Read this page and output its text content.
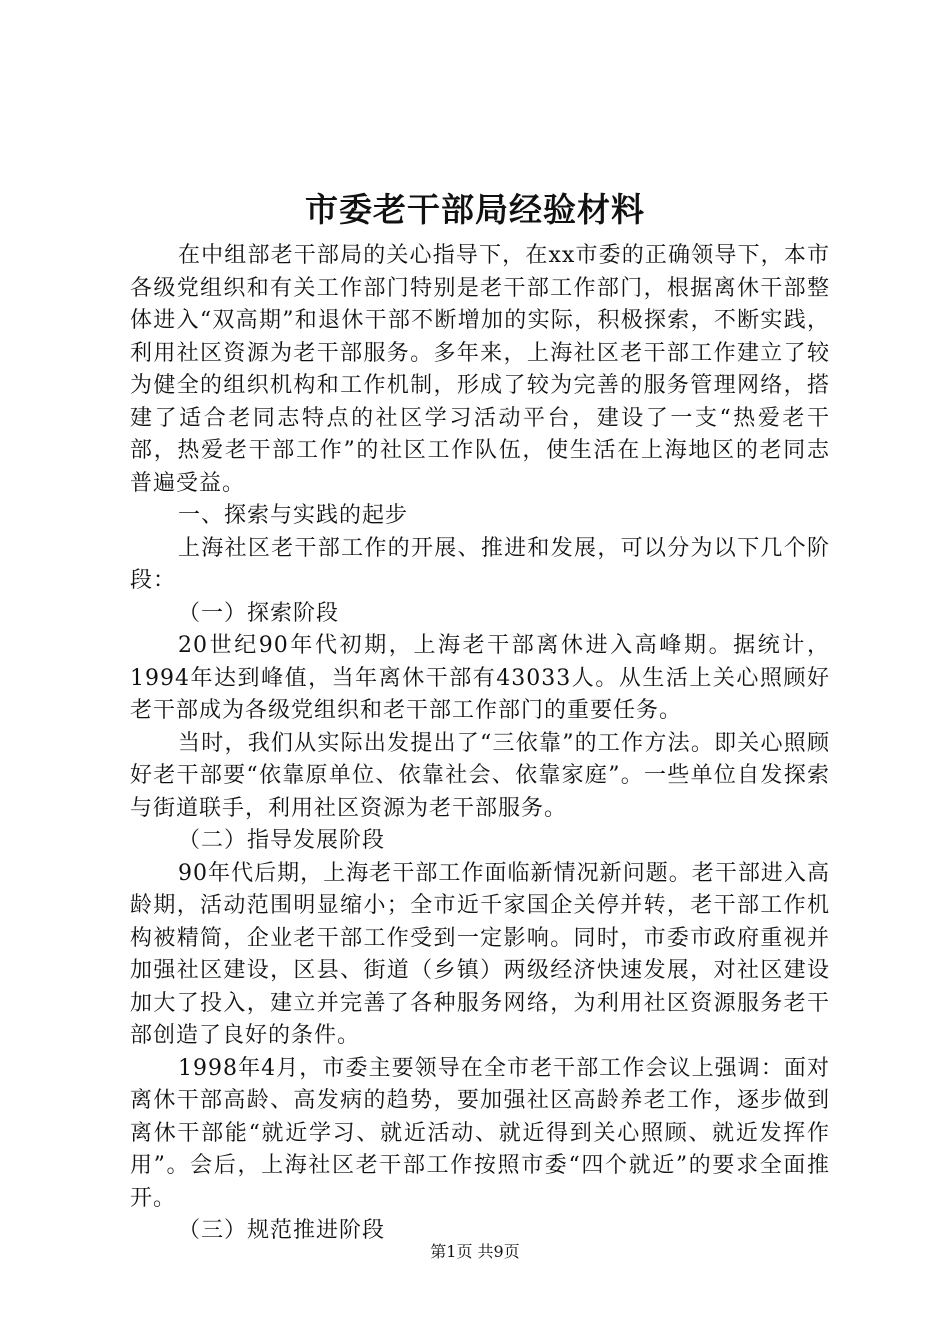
市委老干部局经验材料

在中组部老干部局的关心指导下，在xx市委的正确领导下，本市各级党组织和有关工作部门特别是老干部工作部门，根据离休干部整体进入“双高期”和退休干部不断增加的实际，积极探索，不断实践，利用社区资源为老干部服务。多年来，上海社区老干部工作建立了较为健全的组织机构和工作机制，形成了较为完善的服务管理网络，搭建了适合老同志特点的社区学习活动平台，建设了一支“热爱老干部，热爱老干部工作”的社区工作队伍，使生活在上海地区的老同志普遍受益。

一、探索与实践的起步

上海社区老干部工作的开展、推进和发展，可以分为以下几个阶段：

（一）探索阶段

20世纪90年代初期，上海老干部离休进入高峰期。据统计，1994年达到峰值，当年离休干部有43033人。从生活上关心照顾好老干部成为各级党组织和老干部工作部门的重要任务。

当时，我们从实际出发提出了“三依靠”的工作方法。即关心照顾好老干部要“依靠原单位、依靠社会、依靠家庭”。一些单位自发探索与街道联手，利用社区资源为老干部服务。

（二）指导发展阶段

90年代后期，上海老干部工作面临新情况新问题。老干部进入高龄期，活动范围明显缩小；全市近千家国企关停并转，老干部工作机构被精简，企业老干部工作受到一定影响。同时，市委市政府重视并加强社区建设，区县、街道（乡镇）两级经济快速发展，对社区建设加大了投入，建立并完善了各种服务网络，为利用社区资源服务老干部创造了良好的条件。

1998年4月，市委主要领导在全市老干部工作会议上强调：面对离休干部高龄、高发病的趋势，要加强社区高龄养老工作，逐步做到离休干部能“就近学习、就近活动、就近得到关心照顾、就近发挥作用”。会后，上海社区老干部工作按照市委“四个就近”的要求全面推开。

（三）规范推进阶段

第1页 共9页
